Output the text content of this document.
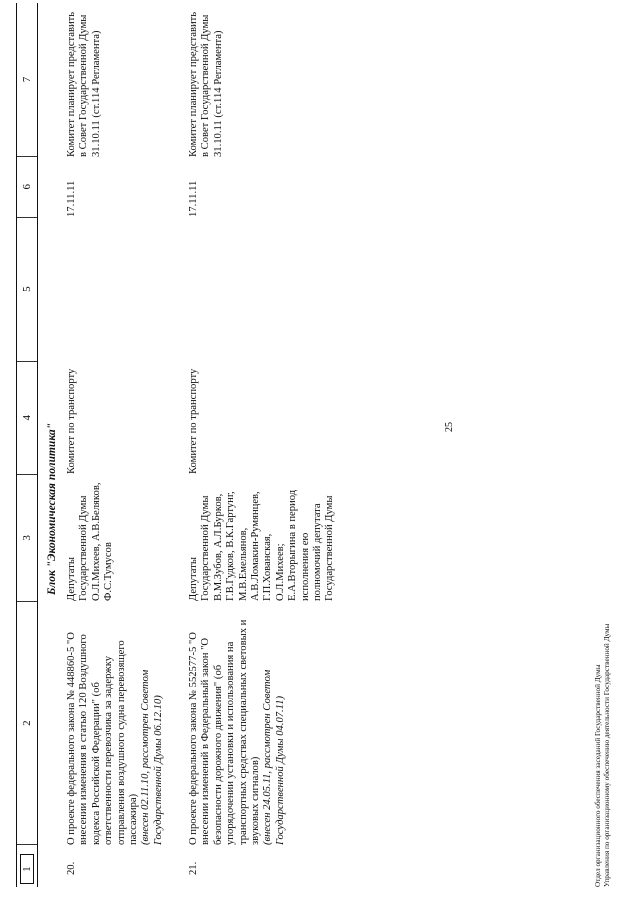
25
1
2
3
4
5
6
7
Блок "Экономическая политика"
20.

О проекте федерального закона № 448860-5 "О внесении изменения в статью 120 Воздушного кодекса Российской Федерации" (об ответственности перевозчика за задержку отправления воздушного судна перевозящего пассажира) (внесен 02.11.10, рассмотрен Советом Государственной Думы 06.12.10)

Депутаты Государственной Думы О.Л.Михеев, А.В.Беляков, Ф.С.Тумусов
Комитет по транспорту
17.11.11
Комитет планирует представить в Совет Государственной Думы 31.10.11 (ст.114 Регламента)
21.

О проекте федерального закона № 552577-5 "О внесении изменений в Федеральный закон "О безопасности дорожного движения" (об упорядочении установки и использования на транспортных средствах специальных световых и звуковых сигналов) (внесен 24.05.11, рассмотрен Советом Государственной Думы 04.07.11)

Депутаты Государственной Думы В.М.Зубов, А.Л.Бурков, Г.В.Гудков, В.К.Гартунг, М.В.Емельянов, А.В.Ломакин-Румянцев, Г.П.Хованская, О.Л.Михеев; Е.А.Вторыгина в период исполнения ею полномочий депутата Государственной Думы
Комитет по транспорту
17.11.11
Комитет планирует представить в Совет Государственной Думы 31.10.11 (ст.114 Регламента)
Отдел организационного обеспечения заседаний Государственной Думы Управления по организационному обеспечению деятельности Государственной Думы
